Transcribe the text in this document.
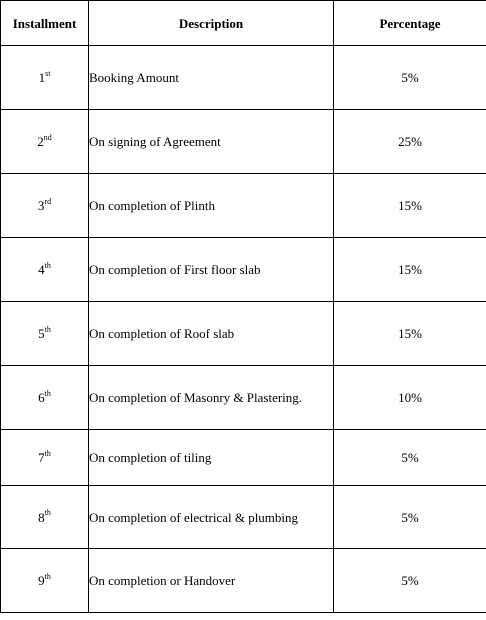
Installment	Description	Percentage
1st	Booking Amount	5%
2nd	On signing of Agreement	25%
3rd	On completion of Plinth	15%
4th	On completion of First floor slab	15%
5th	On completion of Roof slab	15%
6th	On completion of Masonry & Plastering.	10%
7th	On completion of tiling	5%
8th	On completion of electrical & plumbing	5%
9th	On completion or Handover	5%
